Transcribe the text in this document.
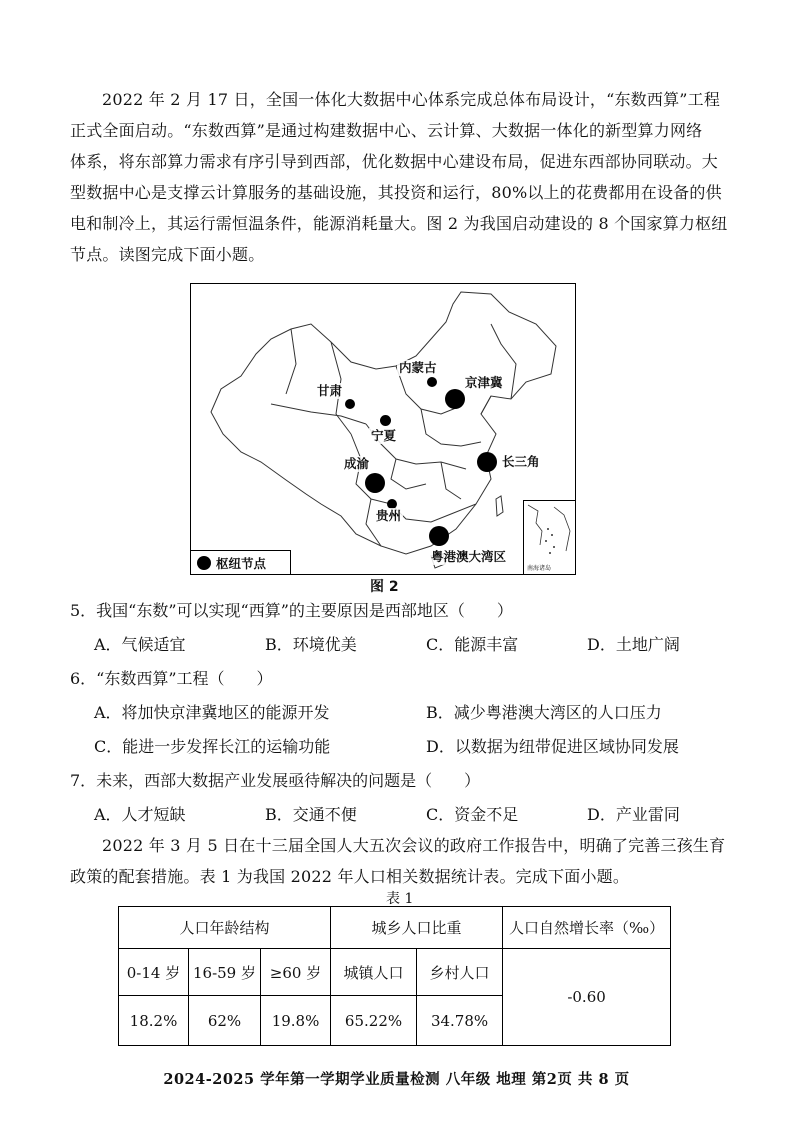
2022 年 2 月 17 日，全国一体化大数据中心体系完成总体布局设计，“东数西算”工程
正式全面启动。“东数西算”是通过构建数据中心、云计算、大数据一体化的新型算力网络
体系，将东部算力需求有序引导到西部，优化数据中心建设布局，促进东西部协同联动。大
型数据中心是支撑云计算服务的基础设施，其投资和运行，80%以上的花费都用在设备的供
电和制冷上，其运行需恒温条件，能源消耗量大。图 2 为我国启动建设的 8 个国家算力枢纽
节点。读图完成下面小题。
内蒙古
京津冀
甘肃
宁夏
成渝	长三角
贵州
粤港澳大湾区
枢纽节点	南海诸岛
图 2
5．我国“东数”可以实现“西算”的主要原因是西部地区（　　）
A．气候适宜	B．环境优美	C．能源丰富	D．土地广阔
6．“东数西算”工程（　　）
A．将加快京津冀地区的能源开发	B．减少粤港澳大湾区的人口压力
C．能进一步发挥长江的运输功能	D．以数据为纽带促进区域协同发展
7．未来，西部大数据产业发展亟待解决的问题是（　　）
A．人才短缺	B．交通不便	C．资金不足	D．产业雷同
2022 年 3 月 5 日在十三届全国人大五次会议的政府工作报告中，明确了完善三孩生育
政策的配套措施。表 1 为我国 2022 年人口相关数据统计表。完成下面小题。
表 1
人口年龄结构			城乡人口比重		人口自然增长率（‰）
0-14 岁	16-59 岁	≥60 岁	城镇人口	乡村人口	-0.60
18.2%	62%	19.8%	65.22%	34.78%	
2024-2025 学年第一学期学业质量检测 八年级 地理 第2页 共 8 页
